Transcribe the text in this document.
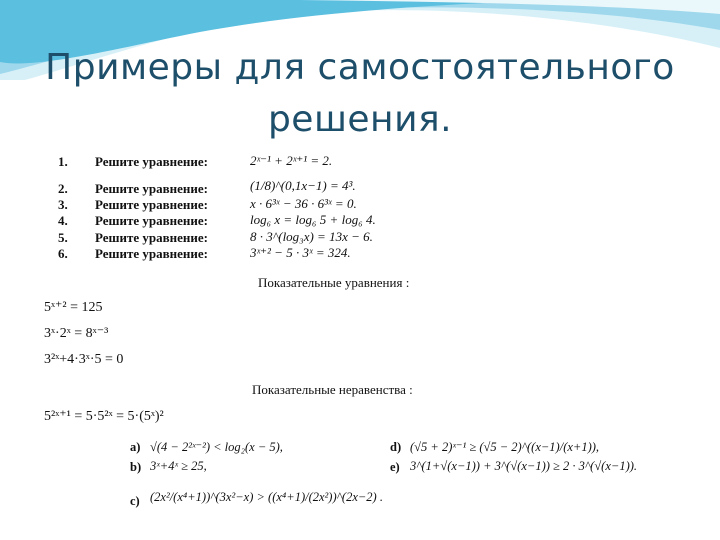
Примеры для самостоятельного
решения.
1. Решите уравнение:	2ˣ⁻¹ + 2ˣ⁺¹ = 2.
2. Решите уравнение:	(1/8)^(0,1x−1) = 4³.
3. Решите уравнение:	x · 6³ˣ − 36 · 6³ˣ = 0.
4. Решите уравнение:	log₆ x = log₆ 5 + log₆ 4.
5. Решите уравнение:	8 · 3^(log₃x) = 13x − 6.
6. Решите уравнение:	3ˣ⁺² − 5 · 3ˣ = 324.
Показательные уравнения :
5ˣ⁺² = 125
3ˣ·2ˣ = 8ˣ⁻³
3²ˣ+4·3ˣ·5 = 0
Показательные неравенства :
5²ˣ⁺¹ = 5·5²ˣ = 5·(5ˣ)²
a) √(4 − 2²ˣ⁻²) < log₂(x − 5),
b) 3ˣ+4ˣ ≥ 25,
c) (2x²/(x⁴+1))^(3x²−x) > ((x⁴+1)/(2x²))^(2x−2) .
d) (√5 + 2)ˣ⁻¹ ≥ (√5 − 2)^((x−1)/(x+1)),
e) 3^(1+√(x−1)) + 3^(√(x−1)) ≥ 2 · 3^(√(x−1)).
